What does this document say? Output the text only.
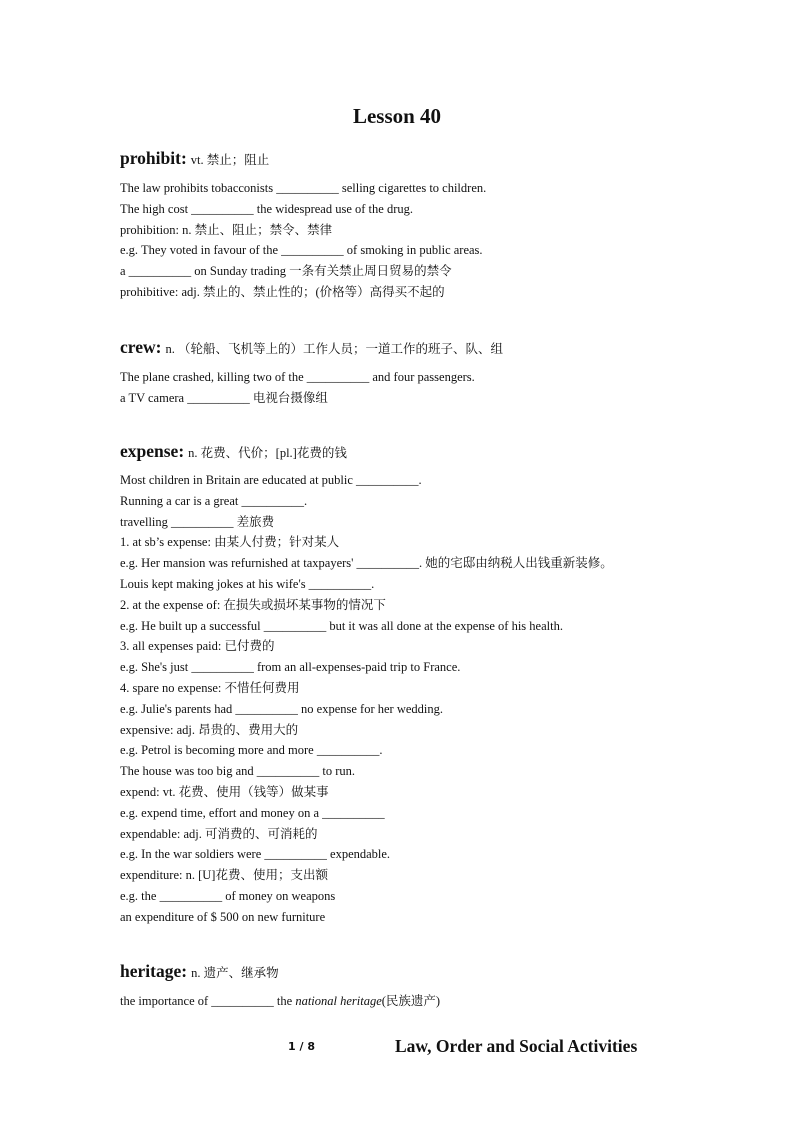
Lesson 40
prohibit: vt. 禁止；阻止
The law prohibits tobacconists __________ selling cigarettes to children.
The high cost __________ the widespread use of the drug.
prohibition: n. 禁止、阻止；禁令、禁律
e.g. They voted in favour of the __________ of smoking in public areas.
a __________ on Sunday trading 一条有关禁止周日贸易的禁令
prohibitive: adj. 禁止的、禁止性的；(价格等）高得买不起的
crew: n. （轮船、飞机等上的）工作人员；一道工作的班子、队、组
The plane crashed, killing two of the __________ and four passengers.
a TV camera __________ 电视台摄像组
expense: n. 花费、代价；[pl.]花费的钱
Most children in Britain are educated at public __________.
Running a car is a great __________.
travelling __________ 差旅费
1. at sb’s expense: 由某人付费；针对某人
e.g. Her mansion was refurnished at taxpayers' __________. 她的宅邸由纳税人出钱重新装修。
Louis kept making jokes at his wife's __________.
2. at the expense of: 在损失或损坏某事物的情况下
e.g. He built up a successful __________ but it was all done at the expense of his health.
3. all expenses paid: 已付费的
e.g. She's just __________ from an all-expenses-paid trip to France.
4. spare no expense: 不惜任何费用
e.g. Julie's parents had __________ no expense for her wedding.
expensive: adj. 昂贵的、费用大的
e.g. Petrol is becoming more and more __________.
The house was too big and __________ to run.
expend: vt. 花费、使用（钱等）做某事
e.g. expend time, effort and money on a __________
expendable: adj. 可消费的、可消耗的
e.g. In the war soldiers were __________ expendable.
expenditure: n. [U]花费、使用；支出额
e.g. the __________ of money on weapons
an expenditure of $ 500 on new furniture
heritage: n. 遗产、继承物
the importance of __________ the national heritage(民族遗产)
1 / 8	Law, Order and Social Activities
